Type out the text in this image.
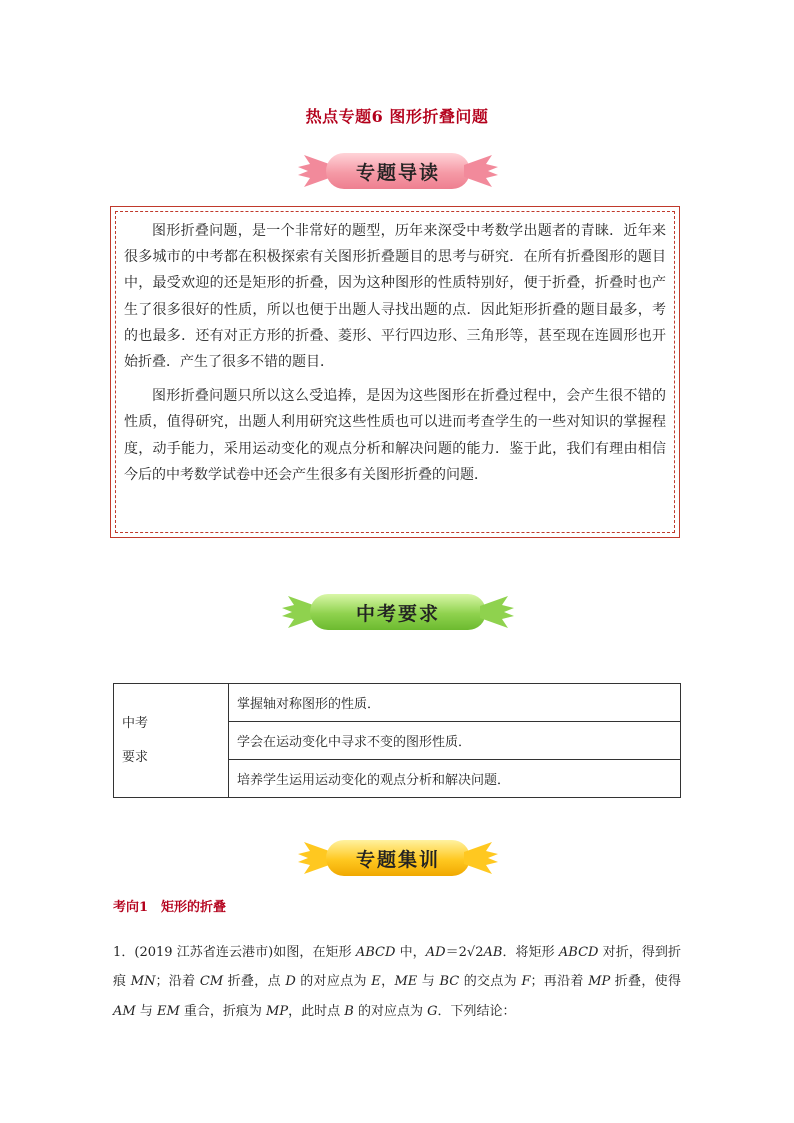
热点专题6 图形折叠问题
专题导读

图形折叠问题，是一个非常好的题型，历年来深受中考数学出题者的青睐．近年来很多城市的中考都在积极探索有关图形折叠题目的思考与研究．在所有折叠图形的题目中，最受欢迎的还是矩形的折叠，因为这种图形的性质特别好，便于折叠，折叠时也产生了很多很好的性质，所以也便于出题人寻找出题的点．因此矩形折叠的题目最多，考的也最多．还有对正方形的折叠、菱形、平行四边形、三角形等，甚至现在连圆形也开始折叠．产生了很多不错的题目．

图形折叠问题只所以这么受追捧，是因为这些图形在折叠过程中，会产生很不错的性质，值得研究，出题人利用研究这些性质也可以进而考查学生的一些对知识的掌握程度，动手能力，采用运动变化的观点分析和解决问题的能力．鉴于此，我们有理由相信今后的中考数学试卷中还会产生很多有关图形折叠的问题．

中考要求
中考
要求
	掌握轴对称图形的性质．
学会在运动变化中寻求不变的图形性质．
培养学生运用运动变化的观点分析和解决问题．
专题集训
考向1　矩形的折叠

1．(2019 江苏省连云港市)如图，在矩形 ABCD 中，AD＝2√2AB．将矩形 ABCD 对折，得到折痕 MN；沿着 CM 折叠，点 D 的对应点为 E，ME 与 BC 的交点为 F；再沿着 MP 折叠，使得 AM 与 EM 重合，折痕为 MP，此时点 B 的对应点为 G．下列结论：
